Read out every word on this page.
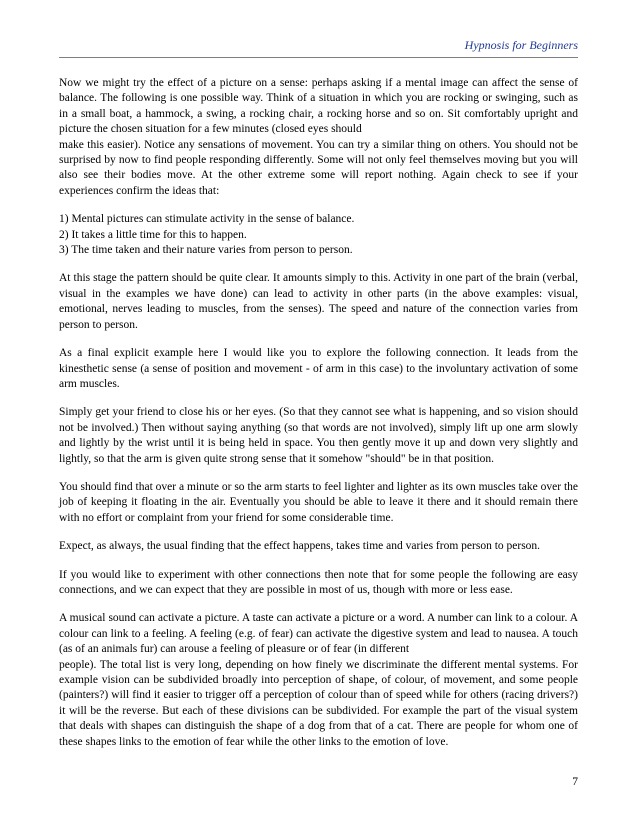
Hypnosis for Beginners

Now we might try the effect of a picture on a sense: perhaps asking if a mental image can affect the sense of balance. The following is one possible way. Think of a situation in which you are rocking or swinging, such as in a small boat, a hammock, a swing, a rocking chair, a rocking horse and so on. Sit comfortably upright and picture the chosen situation for a few minutes (closed eyes should
make this easier). Notice any sensations of movement. You can try a similar thing on others. You should not be surprised by now to find people responding differently. Some will not only feel themselves moving but you will also see their bodies move. At the other extreme some will report nothing. Again check to see if your experiences confirm the ideas that:

1) Mental pictures can stimulate activity in the sense of balance.
2) It takes a little time for this to happen.
3) The time taken and their nature varies from person to person.

At this stage the pattern should be quite clear. It amounts simply to this. Activity in one part of the brain (verbal, visual in the examples we have done) can lead to activity in other parts (in the above examples: visual, emotional, nerves leading to muscles, from the senses). The speed and nature of the connection varies from person to person.

As a final explicit example here I would like you to explore the following connection. It leads from the kinesthetic sense (a sense of position and movement - of arm in this case) to the involuntary activation of some arm muscles.

Simply get your friend to close his or her eyes. (So that they cannot see what is happening, and so vision should not be involved.) Then without saying anything (so that words are not involved), simply lift up one arm slowly and lightly by the wrist until it is being held in space. You then gently move it up and down very slightly and lightly, so that the arm is given quite strong sense that it somehow "should" be in that position.

You should find that over a minute or so the arm starts to feel lighter and lighter as its own muscles take over the job of keeping it floating in the air. Eventually you should be able to leave it there and it should remain there with no effort or complaint from your friend for some considerable time.

Expect, as always, the usual finding that the effect happens, takes time and varies from person to person.

If you would like to experiment with other connections then note that for some people the following are easy connections, and we can expect that they are possible in most of us, though with more or less ease.

A musical sound can activate a picture. A taste can activate a picture or a word. A number can link to a colour. A colour can link to a feeling. A feeling (e.g. of fear) can activate the digestive system and lead to nausea. A touch (as of an animals fur) can arouse a feeling of pleasure or of fear (in different
people). The total list is very long, depending on how finely we discriminate the different mental systems. For example vision can be subdivided broadly into perception of shape, of colour, of movement, and some people (painters?) will find it easier to trigger off a perception of colour than of speed while for others (racing drivers?) it will be the reverse. But each of these divisions can be subdivided. For example the part of the visual system that deals with shapes can distinguish the shape of a dog from that of a cat. There are people for whom one of these shapes links to the emotion of fear while the other links to the emotion of love.

7
